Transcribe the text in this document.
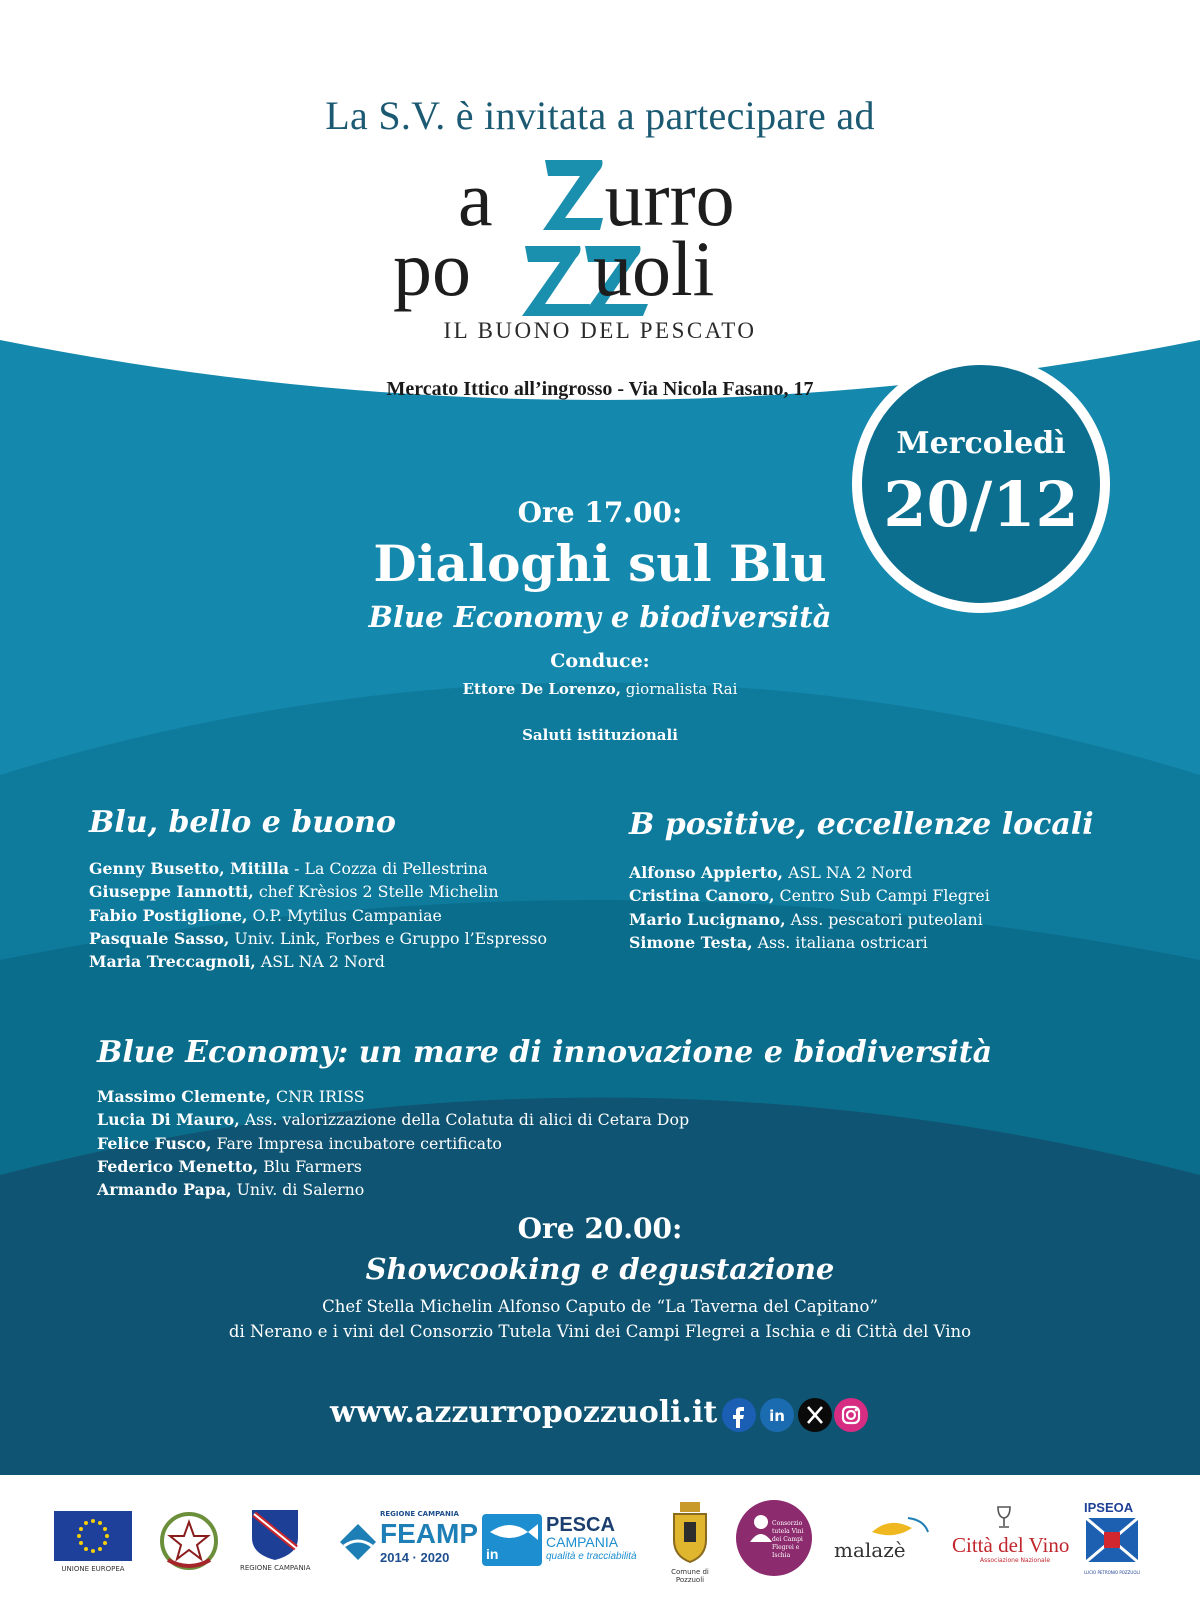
La S.V. è invitata a partecipare ad
a urro
po uoli
IL BUONO DEL PESCATO
Mercato Ittico all’ingrosso - Via Nicola Fasano, 17
Mercoledì
20/12
Ore 17.00:
Dialoghi sul Blu
Blue Economy e biodiversità
Conduce:
Ettore De Lorenzo, giornalista Rai
Saluti istituzionali
Blu, bello e buono
Genny Busetto, Mitilla - La Cozza di Pellestrina
Giuseppe Iannotti, chef Krèsios 2 Stelle Michelin
Fabio Postiglione, O.P. Mytilus Campaniae
Pasquale Sasso, Univ. Link, Forbes e Gruppo l’Espresso
Maria Treccagnoli, ASL NA 2 Nord
B positive, eccellenze locali
Alfonso Appierto, ASL NA 2 Nord
Cristina Canoro, Centro Sub Campi Flegrei
Mario Lucignano, Ass. pescatori puteolani
Simone Testa, Ass. italiana ostricari
Blue Economy: un mare di innovazione e biodiversità
Massimo Clemente, CNR IRISS
Lucia Di Mauro, Ass. valorizzazione della Colatuta di alici di Cetara Dop
Felice Fusco, Fare Impresa incubatore certificato
Federico Menetto, Blu Farmers
Armando Papa, Univ. di Salerno
Ore 20.00:
Showcooking e degustazione
Chef Stella Michelin Alfonso Caputo de “La Taverna del Capitano”
di Nerano e i vini del Consorzio Tutela Vini dei Campi Flegrei a Ischia e di Città del Vino
www.azzurropozzuoli.it	in
UNIONE EUROPEA	REGIONE CAMPANIA
REGIONE CAMPANIA
FEAMP
2014 · 2020	in
PESCA
CAMPANIA
qualità e tracciabilità
Comune di Pozzuoli
Consorzio tutela Vini dei Campi Flegrei e Ischia	malazè Città del Vino
Associazione Nazionale
IPSEOA
LUCIO PETRONIO POZZUOLI
